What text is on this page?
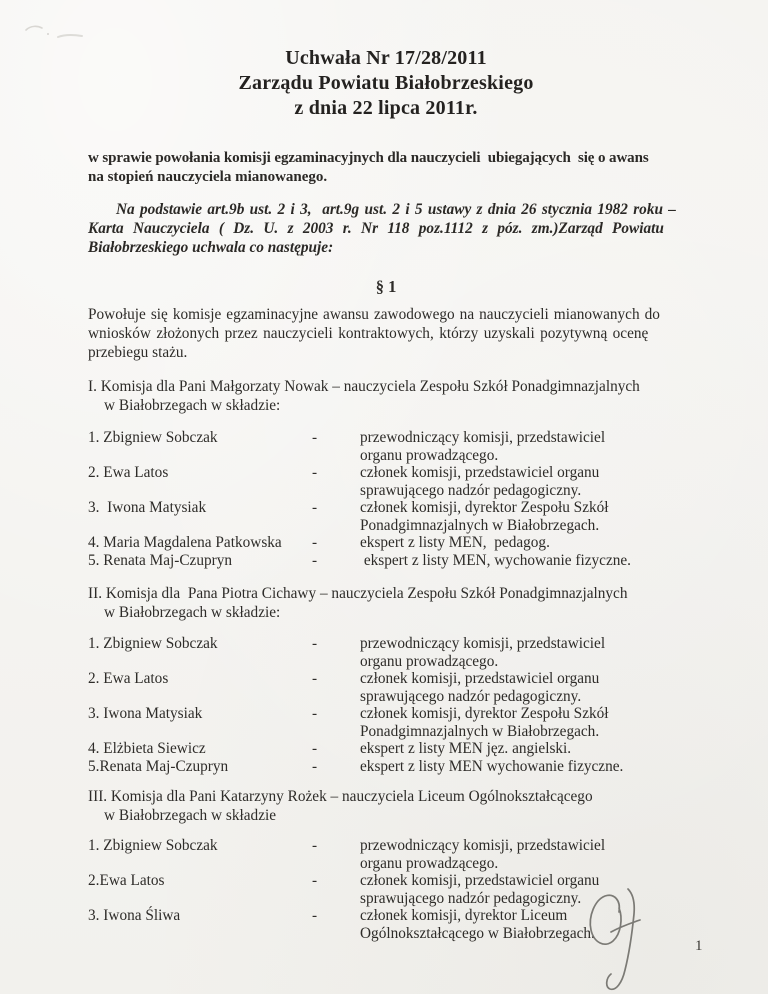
Uchwała Nr 17/28/2011
Zarządu Powiatu Białobrzeskiego
z dnia 22 lipca 2011r.
w sprawie powołania komisji egzaminacyjnych dla nauczycieli  ubiegających  się o awans
na stopień nauczyciela mianowanego.
Na podstawie art.9b ust. 2 i 3,  art.9g ust. 2 i 5 ustawy z dnia 26 stycznia 1982 roku –
Karta Nauczyciela ( Dz. U. z 2003 r. Nr 118 poz.1112 z póz. zm.)Zarząd Powiatu
Białobrzeskiego uchwala co następuje:
§ 1
Powołuje się komisje egzaminacyjne awansu zawodowego na nauczycieli mianowanych do
wniosków złożonych przez nauczycieli kontraktowych, którzy uzyskali pozytywną ocenę
przebiegu stażu.
I. Komisja dla Pani Małgorzaty Nowak – nauczyciela Zespołu Szkół Ponadgimnazjalnych
w Białobrzegach w składzie:
1. Zbigniew Sobczak	-	przewodniczący komisji, przedstawiciel
organu prowadzącego.
2. Ewa Latos	-	członek komisji, przedstawiciel organu
sprawującego nadzór pedagogiczny.
3.  Iwona Matysiak	-	członek komisji, dyrektor Zespołu Szkół
Ponadgimnazjalnych w Białobrzegach.
4. Maria Magdalena Patkowska	-	ekspert z listy MEN,  pedagog.
5. Renata Maj-Czupryn	-	ekspert z listy MEN, wychowanie fizyczne.
II. Komisja dla  Pana Piotra Cichawy – nauczyciela Zespołu Szkół Ponadgimnazjalnych
w Białobrzegach w składzie:
1. Zbigniew Sobczak	-	przewodniczący komisji, przedstawiciel
organu prowadzącego.
2. Ewa Latos	-	członek komisji, przedstawiciel organu
sprawującego nadzór pedagogiczny.
3. Iwona Matysiak	-	członek komisji, dyrektor Zespołu Szkół
Ponadgimnazjalnych w Białobrzegach.
4. Elżbieta Siewicz	-	ekspert z listy MEN jęz. angielski.
5.Renata Maj-Czupryn	-	ekspert z listy MEN wychowanie fizyczne.
III. Komisja dla Pani Katarzyny Rożek – nauczyciela Liceum Ogólnokształcącego
w Białobrzegach w składzie
1. Zbigniew Sobczak	-	przewodniczący komisji, przedstawiciel
organu prowadzącego.
2.Ewa Latos	-	członek komisji, przedstawiciel organu
sprawującego nadzór pedagogiczny.
3. Iwona Śliwa	-	członek komisji, dyrektor Liceum
Ogólnokształcącego w Białobrzegach.
1
